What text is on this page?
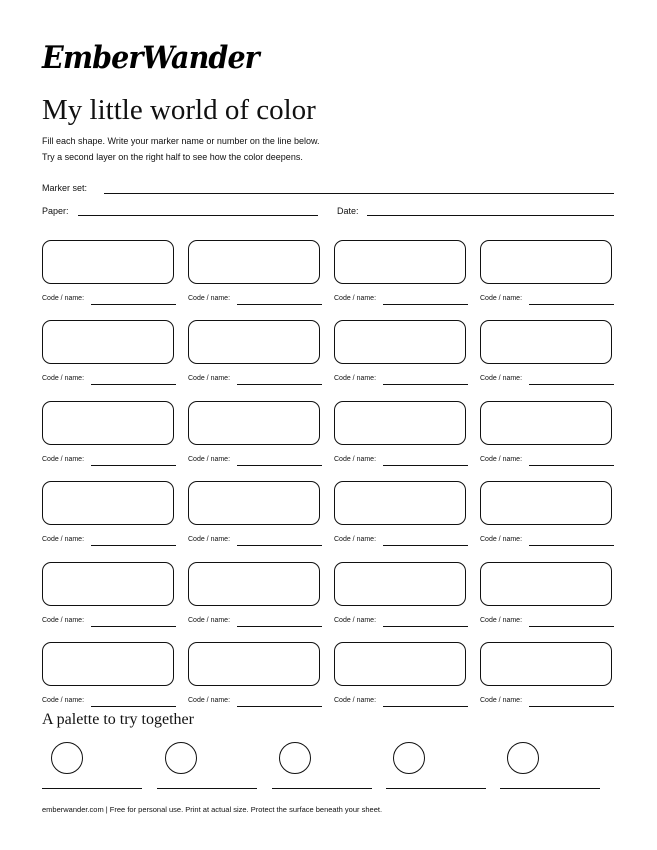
EmberWander
My little world of color
Fill each shape. Write your marker name or number on the line below.
Try a second layer on the right half to see how the color deepens.
Marker set:
Paper:	Date:
Code / name:	Code / name:	Code / name:	Code / name:
Code / name:	Code / name:	Code / name:	Code / name:
Code / name:	Code / name:	Code / name:	Code / name:
Code / name:	Code / name:	Code / name:	Code / name:
Code / name:	Code / name:	Code / name:	Code / name:
Code / name:	Code / name:	Code / name:	Code / name:
A palette to try together
emberwander.com | Free for personal use. Print at actual size. Protect the surface beneath your sheet.
